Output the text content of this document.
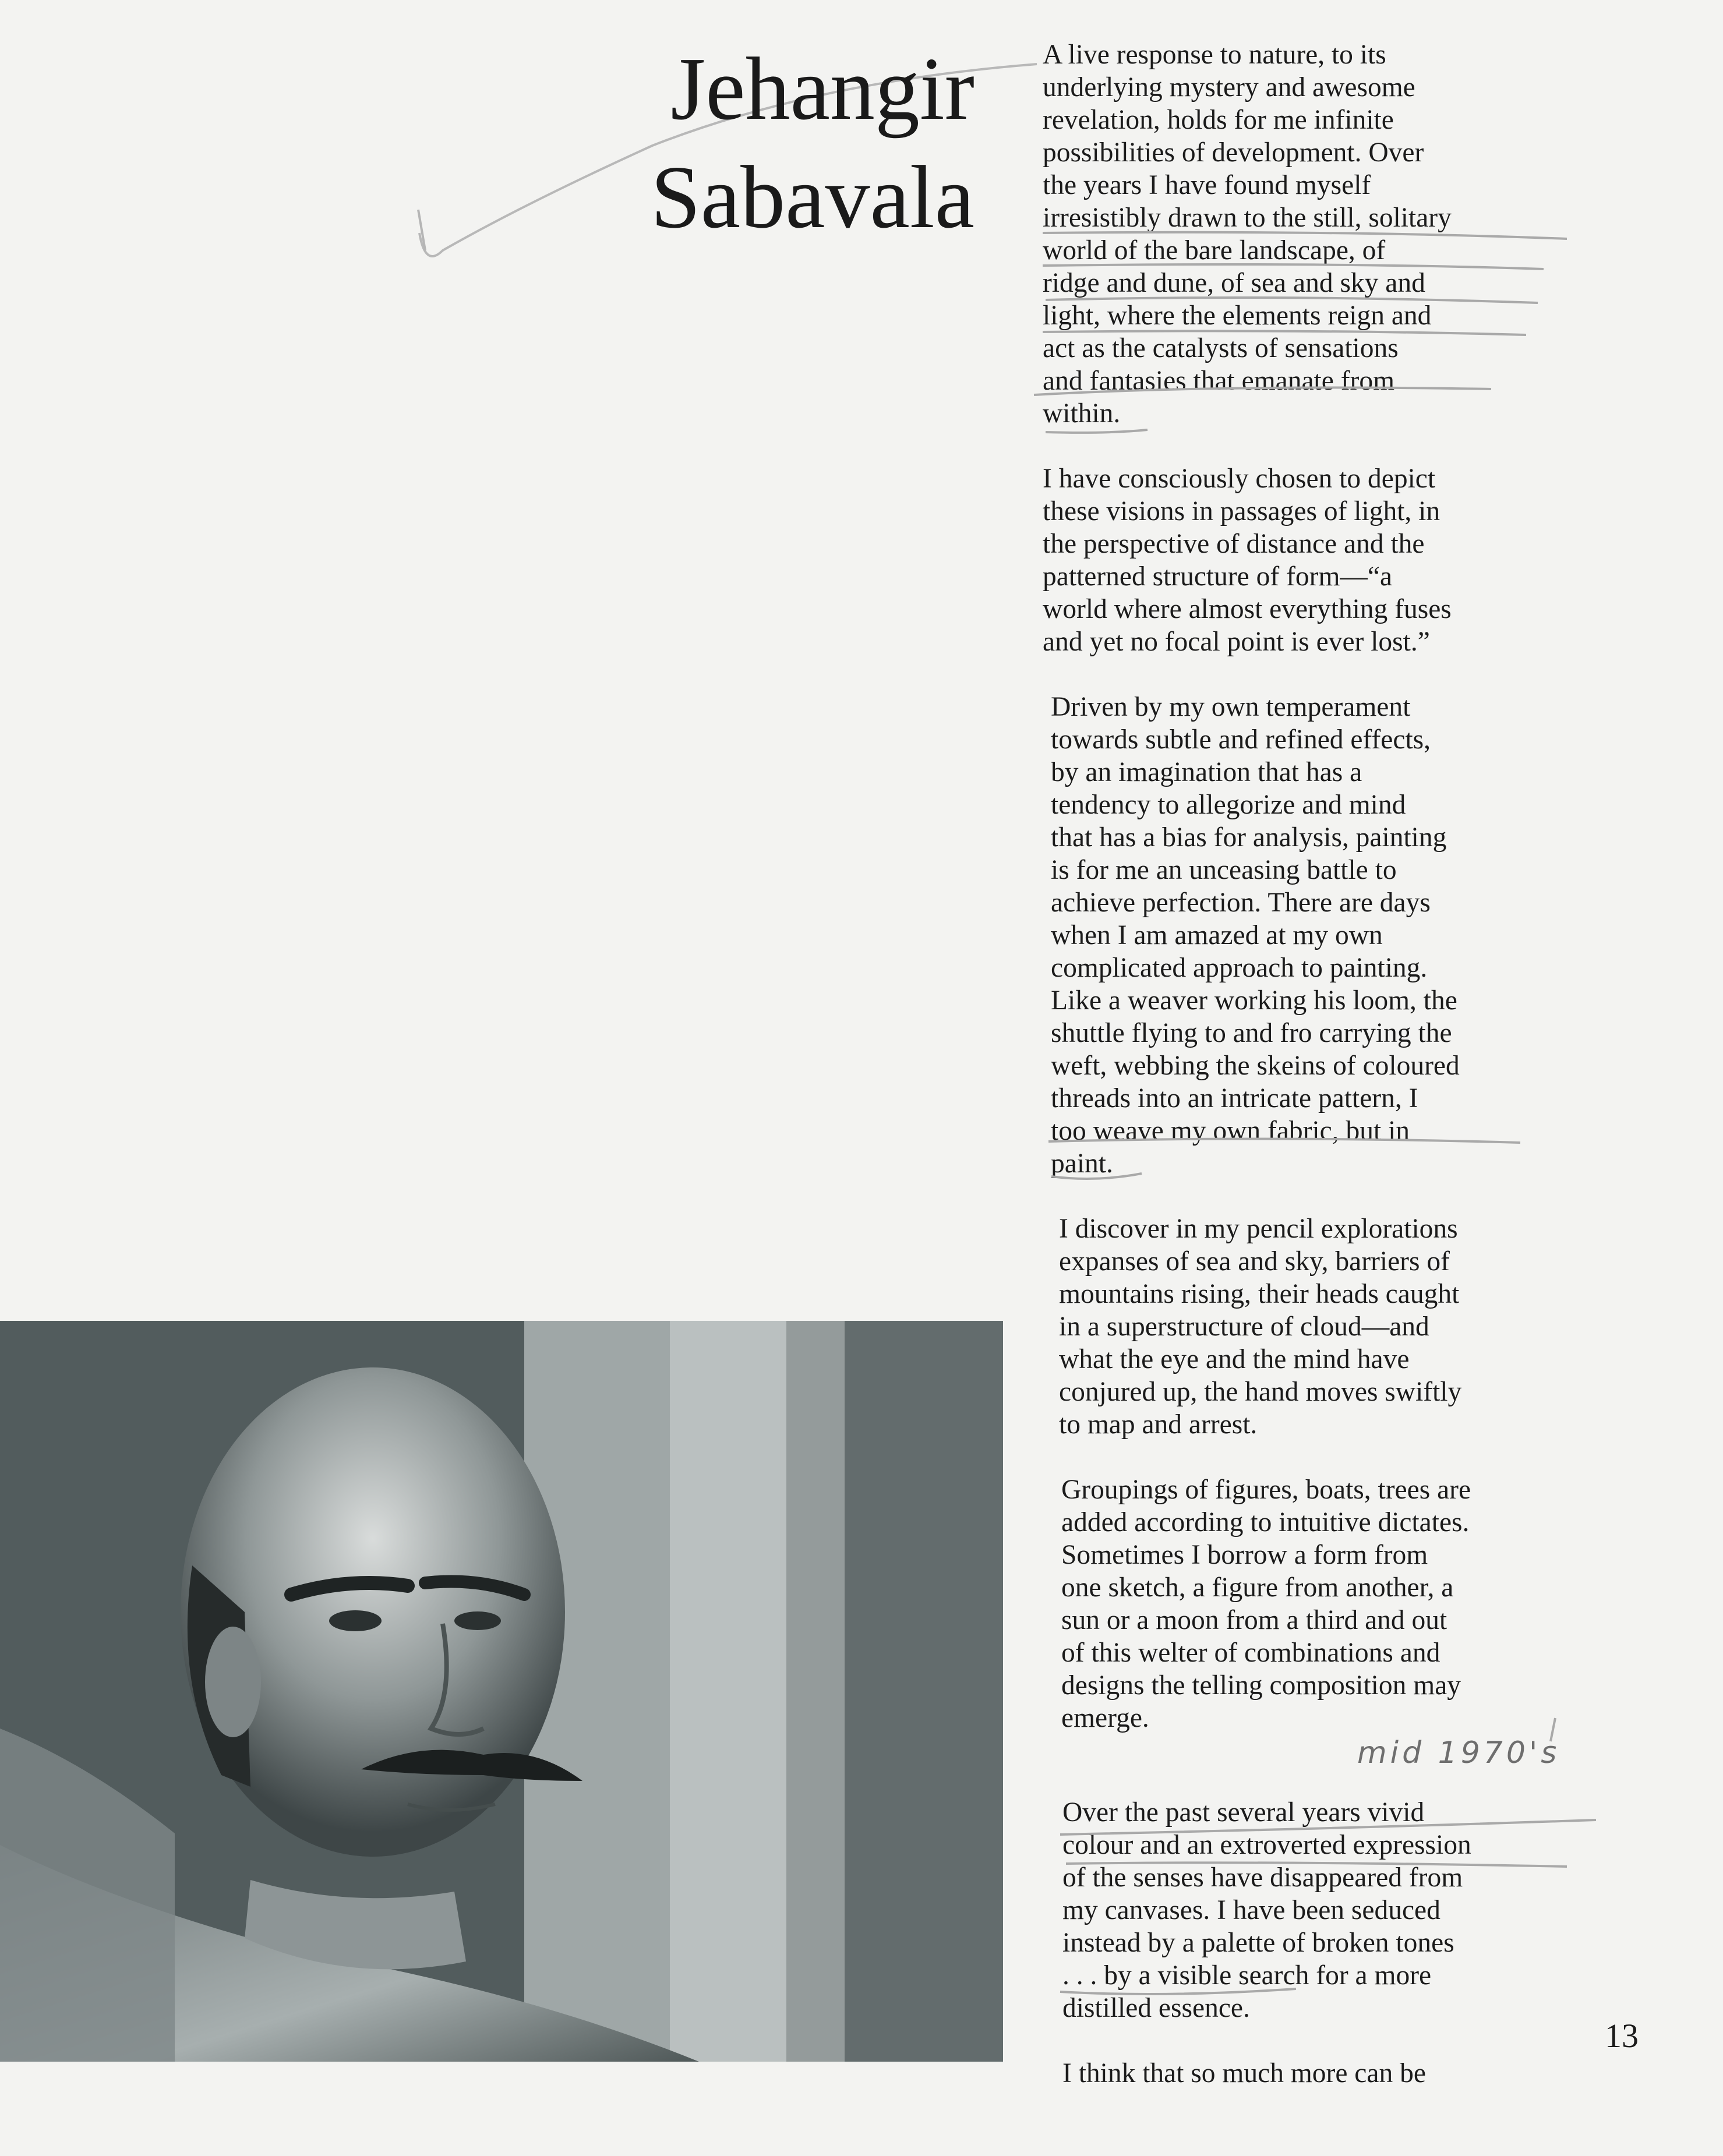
Jehangir
Sabavala

A live response to nature, to its
underlying mystery and awesome
revelation, holds for me infinite
possibilities of development. Over
the years I have found myself
irresistibly drawn to the still, solitary
world of the bare landscape, of
ridge and dune, of sea and sky and
light, where the elements reign and
act as the catalysts of sensations
and fantasies that emanate from
within.

I have consciously chosen to depict
these visions in passages of light, in
the perspective of distance and the
patterned structure of form—“a
world where almost everything fuses
and yet no focal point is ever lost.”

Driven by my own temperament
towards subtle and refined effects,
by an imagination that has a
tendency to allegorize and mind
that has a bias for analysis, painting
is for me an unceasing battle to
achieve perfection. There are days
when I am amazed at my own
complicated approach to painting.
Like a weaver working his loom, the
shuttle flying to and fro carrying the
weft, webbing the skeins of coloured
threads into an intricate pattern, I
too weave my own fabric, but in
paint.

I discover in my pencil explorations
expanses of sea and sky, barriers of
mountains rising, their heads caught
in a superstructure of cloud—and
what the eye and the mind have
conjured up, the hand moves swiftly
to map and arrest.

Groupings of figures, boats, trees are
added according to intuitive dictates.
Sometimes I borrow a form from
one sketch, a figure from another, a
sun or a moon from a third and out
of this welter of combinations and
designs the telling composition may
emerge.

Over the past several years vivid
colour and an extroverted expression
of the senses have disappeared from
my canvases. I have been seduced
instead by a palette of broken tones
. . . by a visible search for a more
distilled essence.

I think that so much more can be

mid 1970's
13
